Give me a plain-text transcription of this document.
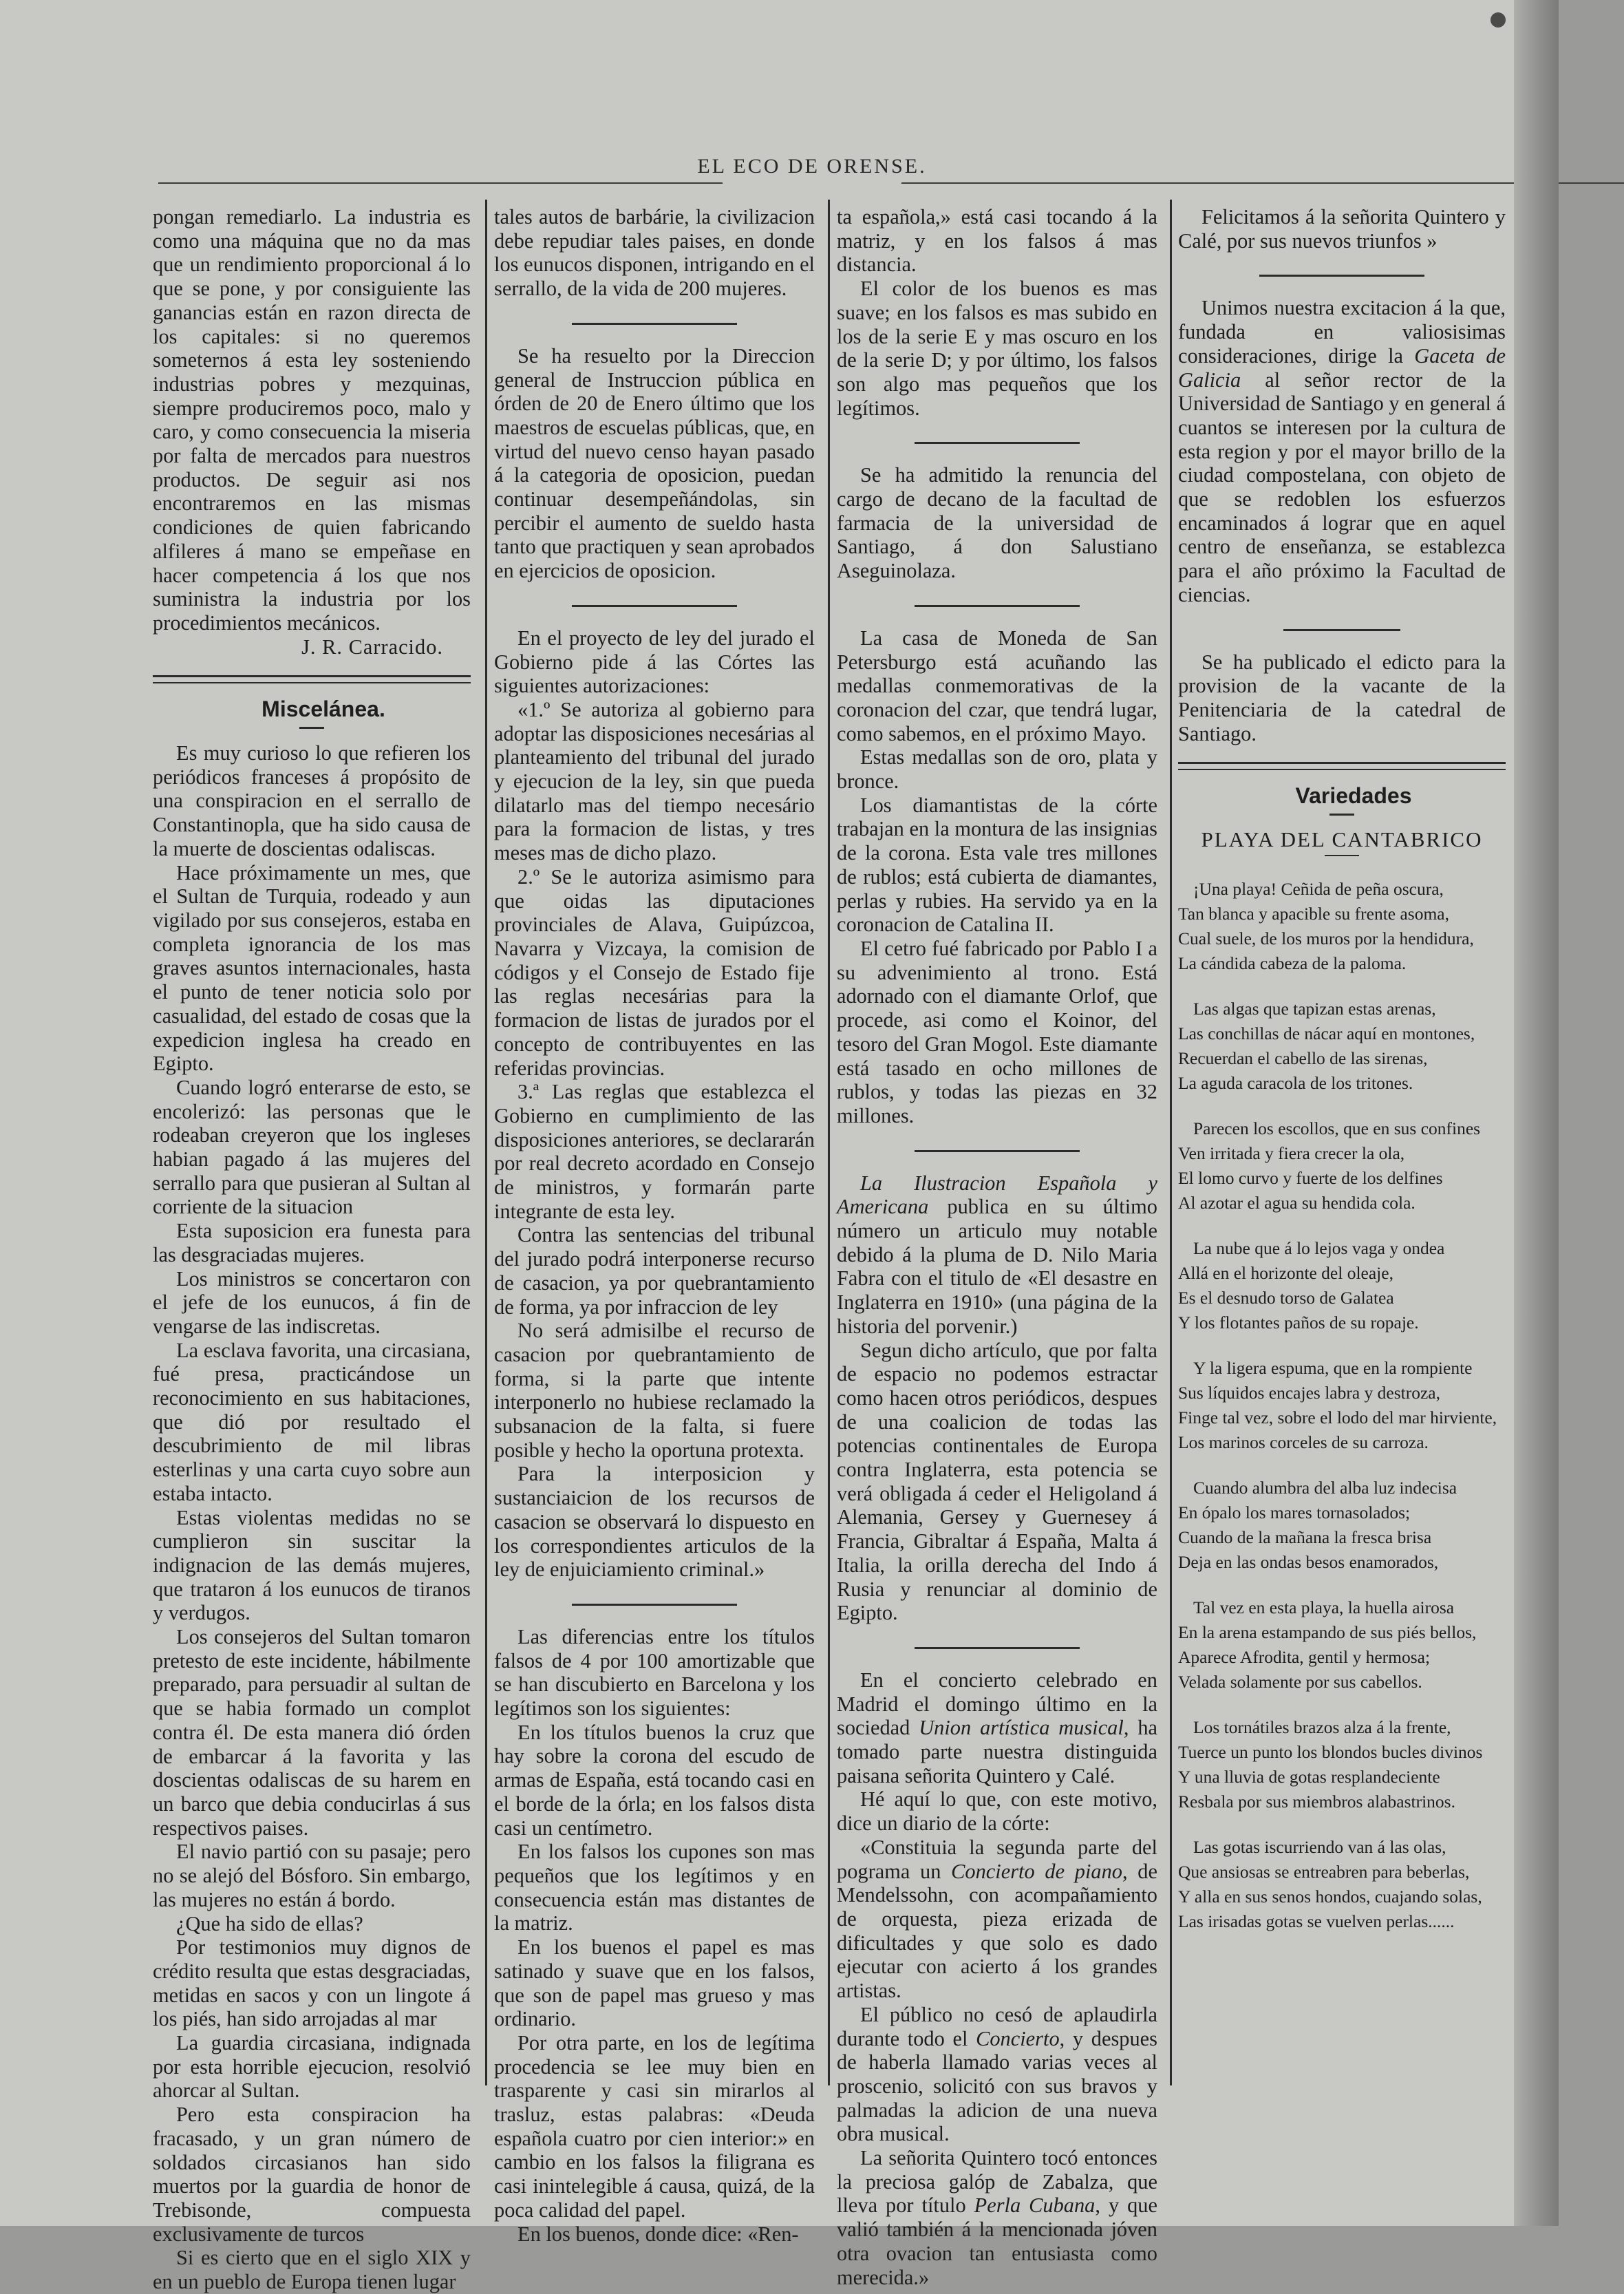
EL ECO DE ORENSE.

pongan remediarlo. La industria es como una máquina que no da mas que un rendimiento proporcional á lo que se pone, y por consiguiente las ganancias están en razon directa de los capitales: si no queremos someternos á esta ley sosteniendo industrias pobres y mezquinas, siempre produciremos poco, malo y caro, y como consecuencia la miseria por falta de mercados para nuestros productos. De seguir asi nos encontraremos en las mismas condiciones de quien fabricando alfileres á mano se empeñase en hacer competencia á los que nos suministra la industria por los procedimientos mecánicos.

J. R. Carracido.

Miscelánea.

Es muy curioso lo que refieren los periódicos franceses á propósito de una conspiracion en el serrallo de Constantinopla, que ha sido causa de la muerte de doscientas odaliscas.

Hace próximamente un mes, que el Sultan de Turquia, rodeado y aun vigilado por sus consejeros, estaba en completa ignorancia de los mas graves asuntos internacionales, hasta el punto de tener noticia solo por casualidad, del estado de cosas que la expedicion inglesa ha creado en Egipto.

Cuando logró enterarse de esto, se encolerizó: las personas que le rodeaban creyeron que los ingleses habian pagado á las mujeres del serrallo para que pusieran al Sultan al corriente de la situacion

Esta suposicion era funesta para las desgraciadas mujeres.

Los ministros se concertaron con el jefe de los eunucos, á fin de vengarse de las indiscretas.

La esclava favorita, una circasiana, fué presa, practicándose un reconocimiento en sus habitaciones, que dió por resultado el descubrimiento de mil libras esterlinas y una carta cuyo sobre aun estaba intacto.

Estas violentas medidas no se cumplieron sin suscitar la indignacion de las demás mujeres, que trataron á los eunucos de tiranos y verdugos.

Los consejeros del Sultan tomaron pretesto de este incidente, hábilmente preparado, para persuadir al sultan de que se habia formado un complot contra él. De esta manera dió órden de embarcar á la favorita y las doscientas odaliscas de su harem en un barco que debia conducirlas á sus respectivos paises.

El navio partió con su pasaje; pero no se alejó del Bósforo. Sin embargo, las mujeres no están á bordo.

¿Que ha sido de ellas?

Por testimonios muy dignos de crédito resulta que estas desgraciadas, metidas en sacos y con un lingote á los piés, han sido arrojadas al mar

La guardia circasiana, indignada por esta horrible ejecucion, resolvió ahorcar al Sultan.

Pero esta conspiracion ha fracasado, y un gran número de soldados circasianos han sido muertos por la guardia de honor de Trebisonde, compuesta exclusivamente de turcos

Si es cierto que en el siglo XIX y en un pueblo de Europa tienen lugar

tales autos de barbárie, la civilizacion debe repudiar tales paises, en donde los eunucos disponen, intrigando en el serrallo, de la vida de 200 mujeres.

Se ha resuelto por la Direccion general de Instruccion pública en órden de 20 de Enero último que los maestros de escuelas públicas, que, en virtud del nuevo censo hayan pasado á la categoria de oposicion, puedan continuar desempeñándolas, sin percibir el aumento de sueldo hasta tanto que practiquen y sean aprobados en ejercicios de oposicion.

En el proyecto de ley del jurado el Gobierno pide á las Córtes las siguientes autorizaciones:

«1.º Se autoriza al gobierno para adoptar las disposiciones necesárias al planteamiento del tribunal del jurado y ejecucion de la ley, sin que pueda dilatarlo mas del tiempo necesário para la formacion de listas, y tres meses mas de dicho plazo.

2.º Se le autoriza asimismo para que oidas las diputaciones provinciales de Alava, Guipúzcoa, Navarra y Vizcaya, la comision de códigos y el Consejo de Estado fije las reglas necesárias para la formacion de listas de jurados por el concepto de contribuyentes en las referidas provincias.

3.ª Las reglas que establezca el Gobierno en cumplimiento de las disposiciones anteriores, se declararán por real decreto acordado en Consejo de ministros, y formarán parte integrante de esta ley.

Contra las sentencias del tribunal del jurado podrá interponerse recurso de casacion, ya por quebrantamiento de forma, ya por infraccion de ley

No será admisilbe el recurso de casacion por quebrantamiento de forma, si la parte que intente interponerlo no hubiese reclamado la subsanacion de la falta, si fuere posible y hecho la oportuna protexta.

Para la interposicion y sustanciaicion de los recursos de casacion se observará lo dispuesto en los correspondientes articulos de la ley de enjuiciamiento criminal.»

Las diferencias entre los títulos falsos de 4 por 100 amortizable que se han discubierto en Barcelona y los legítimos son los siguientes:

En los títulos buenos la cruz que hay sobre la corona del escudo de armas de España, está tocando casi en el borde de la órla; en los falsos dista casi un centímetro.

En los falsos los cupones son mas pequeños que los legítimos y en consecuencia están mas distantes de la matriz.

En los buenos el papel es mas satinado y suave que en los falsos, que son de papel mas grueso y mas ordinario.

Por otra parte, en los de legítima procedencia se lee muy bien en trasparente y casi sin mirarlos al trasluz, estas palabras: «Deuda española cuatro por cien interior:» en cambio en los falsos la filigrana es casi inintelegible á causa, quizá, de la poca calidad del papel.

En los buenos, donde dice: «Ren-

ta española,» está casi tocando á la matriz, y en los falsos á mas distancia.

El color de los buenos es mas suave; en los falsos es mas subido en los de la serie E y mas oscuro en los de la serie D; y por último, los falsos son algo mas pequeños que los legítimos.

Se ha admitido la renuncia del cargo de decano de la facultad de farmacia de la universidad de Santiago, á don Salustiano Aseguinolaza.

La casa de Moneda de San Petersburgo está acuñando las medallas conmemorativas de la coronacion del czar, que tendrá lugar, como sabemos, en el próximo Mayo.

Estas medallas son de oro, plata y bronce.

Los diamantistas de la córte trabajan en la montura de las insignias de la corona. Esta vale tres millones de rublos; está cubierta de diamantes, perlas y rubies. Ha servido ya en la coronacion de Catalina II.

El cetro fué fabricado por Pablo I a su advenimiento al trono. Está adornado con el diamante Orlof, que procede, asi como el Koinor, del tesoro del Gran Mogol. Este diamante está tasado en ocho millones de rublos, y todas las piezas en 32 millones.

La Ilustracion Española y Americana publica en su último número un articulo muy notable debido á la pluma de D. Nilo Maria Fabra con el titulo de «El desastre en Inglaterra en 1910» (una página de la historia del porvenir.)

Segun dicho artículo, que por falta de espacio no podemos estractar como hacen otros periódicos, despues de una coalicion de todas las potencias continentales de Europa contra Inglaterra, esta potencia se verá obligada á ceder el Heligoland á Alemania, Gersey y Guernesey á Francia, Gibraltar á España, Malta á Italia, la orilla derecha del Indo á Rusia y renunciar al dominio de Egipto.

En el concierto celebrado en Madrid el domingo último en la sociedad Union artística musical, ha tomado parte nuestra distinguida paisana señorita Quintero y Calé.

Hé aquí lo que, con este motivo, dice un diario de la córte:

«Constituia la segunda parte del pograma un Concierto de piano, de Mendelssohn, con acompañamiento de orquesta, pieza erizada de dificultades y que solo es dado ejecutar con acierto á los grandes artistas.

El público no cesó de aplaudirla durante todo el Concierto, y despues de haberla llamado varias veces al proscenio, solicitó con sus bravos y palmadas la adicion de una nueva obra musical.

La señorita Quintero tocó entonces la preciosa galóp de Zabalza, que lleva por título Perla Cubana, y que valió también á la mencionada jóven otra ovacion tan entusiasta como merecida.»

Felicitamos á la señorita Quintero y Calé, por sus nuevos triunfos »

Unimos nuestra excitacion á la que, fundada en valiosisimas consideraciones, dirige la Gaceta de Galicia al señor rector de la Universidad de Santiago y en general á cuantos se interesen por la cultura de esta region y por el mayor brillo de la ciudad compostelana, con objeto de que se redoblen los esfuerzos encaminados á lograr que en aquel centro de enseñanza, se establezca para el año próximo la Facultad de ciencias.

Se ha publicado el edicto para la provision de la vacante de la Penitenciaria de la catedral de Santiago.

Variedades

PLAYA DEL CANTABRICO
¡Una playa! Ceñida de peña oscura,
Tan blanca y apacible su frente asoma,
Cual suele, de los muros por la hendidura,
La cándida cabeza de la paloma.
Las algas que tapizan estas arenas,
Las conchillas de nácar aquí en montones,
Recuerdan el cabello de las sirenas,
La aguda caracola de los tritones.
Parecen los escollos, que en sus confines
Ven irritada y fiera crecer la ola,
El lomo curvo y fuerte de los delfines
Al azotar el agua su hendida cola.
La nube que á lo lejos vaga y ondea
Allá en el horizonte del oleaje,
Es el desnudo torso de Galatea
Y los flotantes paños de su ropaje.
Y la ligera espuma, que en la rompiente
Sus líquidos encajes labra y destroza,
Finge tal vez, sobre el lodo del mar hirviente,
Los marinos corceles de su carroza.
Cuando alumbra del alba luz indecisa
En ópalo los mares tornasolados;
Cuando de la mañana la fresca brisa
Deja en las ondas besos enamorados,
Tal vez en esta playa, la huella airosa
En la arena estampando de sus piés bellos,
Aparece Afrodita, gentil y hermosa;
Velada solamente por sus cabellos.
Los tornátiles brazos alza á la frente,
Tuerce un punto los blondos bucles divinos
Y una lluvia de gotas resplandeciente
Resbala por sus miembros alabastrinos.
Las gotas iscurriendo van á las olas,
Que ansiosas se entreabren para beberlas,
Y alla en sus senos hondos, cuajando solas,
Las irisadas gotas se vuelven perlas......
